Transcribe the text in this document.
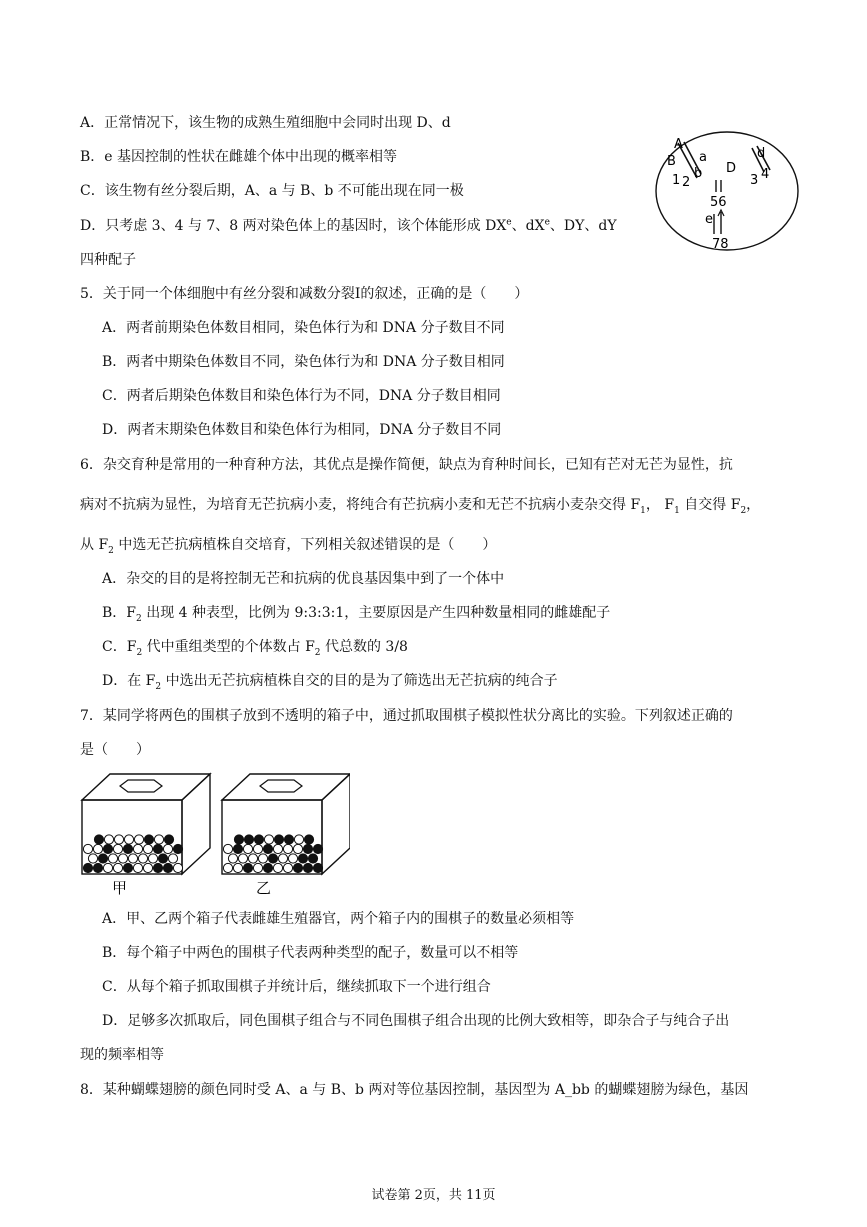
A．正常情况下，该生物的成熟生殖细胞中会同时出现 D、d
B．e 基因控制的性状在雌雄个体中出现的概率相等
C．该生物有丝分裂后期，A、a 与 B、b 不可能出现在同一极
D．只考虑 3、4 与 7、8 两对染色体上的基因时，该个体能形成 DXe、$dX^e$、DY、dY
四种配子
A
B a
b
1 2
D
d
3 4
56
e
78
5．关于同一个体细胞中有丝分裂和减数分裂Ⅰ的叙述，正确的是（　　）
A．两者前期染色体数目相同，染色体行为和 DNA 分子数目不同
B．两者中期染色体数目不同，染色体行为和 DNA 分子数目相同
C．两者后期染色体数目和染色体行为不同，DNA 分子数目相同
D．两者末期染色体数目和染色体行为相同，DNA 分子数目不同
6．杂交育种是常用的一种育种方法，其优点是操作简便，缺点为育种时间长，已知有芒对无芒为显性，抗
病对不抗病为显性，为培育无芒抗病小麦，将纯合有芒抗病小麦和无芒不抗病小麦杂交得 $F_1$， $F_1$ 自交得 $F_2$，
从 $F_2$ 中选无芒抗病植株自交培育，下列相关叙述错误的是（　　）
A．杂交的目的是将控制无芒和抗病的优良基因集中到了一个体中
B．$F_2$ 出现 4 种表型，比例为 9:3:3:1，主要原因是产生四种数量相同的雌雄配子
C．$F_2$ 代中重组类型的个体数占 $F_2$ 代总数的 3/8
D．在 $F_2$ 中选出无芒抗病植株自交的目的是为了筛选出无芒抗病的纯合子
7．某同学将两色的围棋子放到不透明的箱子中，通过抓取围棋子模拟性状分离比的实验。下列叙述正确的
是（　　）
甲	乙
A．甲、乙两个箱子代表雌雄生殖器官，两个箱子内的围棋子的数量必须相等
B．每个箱子中两色的围棋子代表两种类型的配子，数量可以不相等
C．从每个箱子抓取围棋子并统计后，继续抓取下一个进行组合
D．足够多次抓取后，同色围棋子组合与不同色围棋子组合出现的比例大致相等，即杂合子与纯合子出
现的频率相等
8．某种蝴蝶翅膀的颜色同时受 A、a 与 B、b 两对等位基因控制，基因型为 A_bb 的蝴蝶翅膀为绿色，基因
试卷第 2页，共 11页
